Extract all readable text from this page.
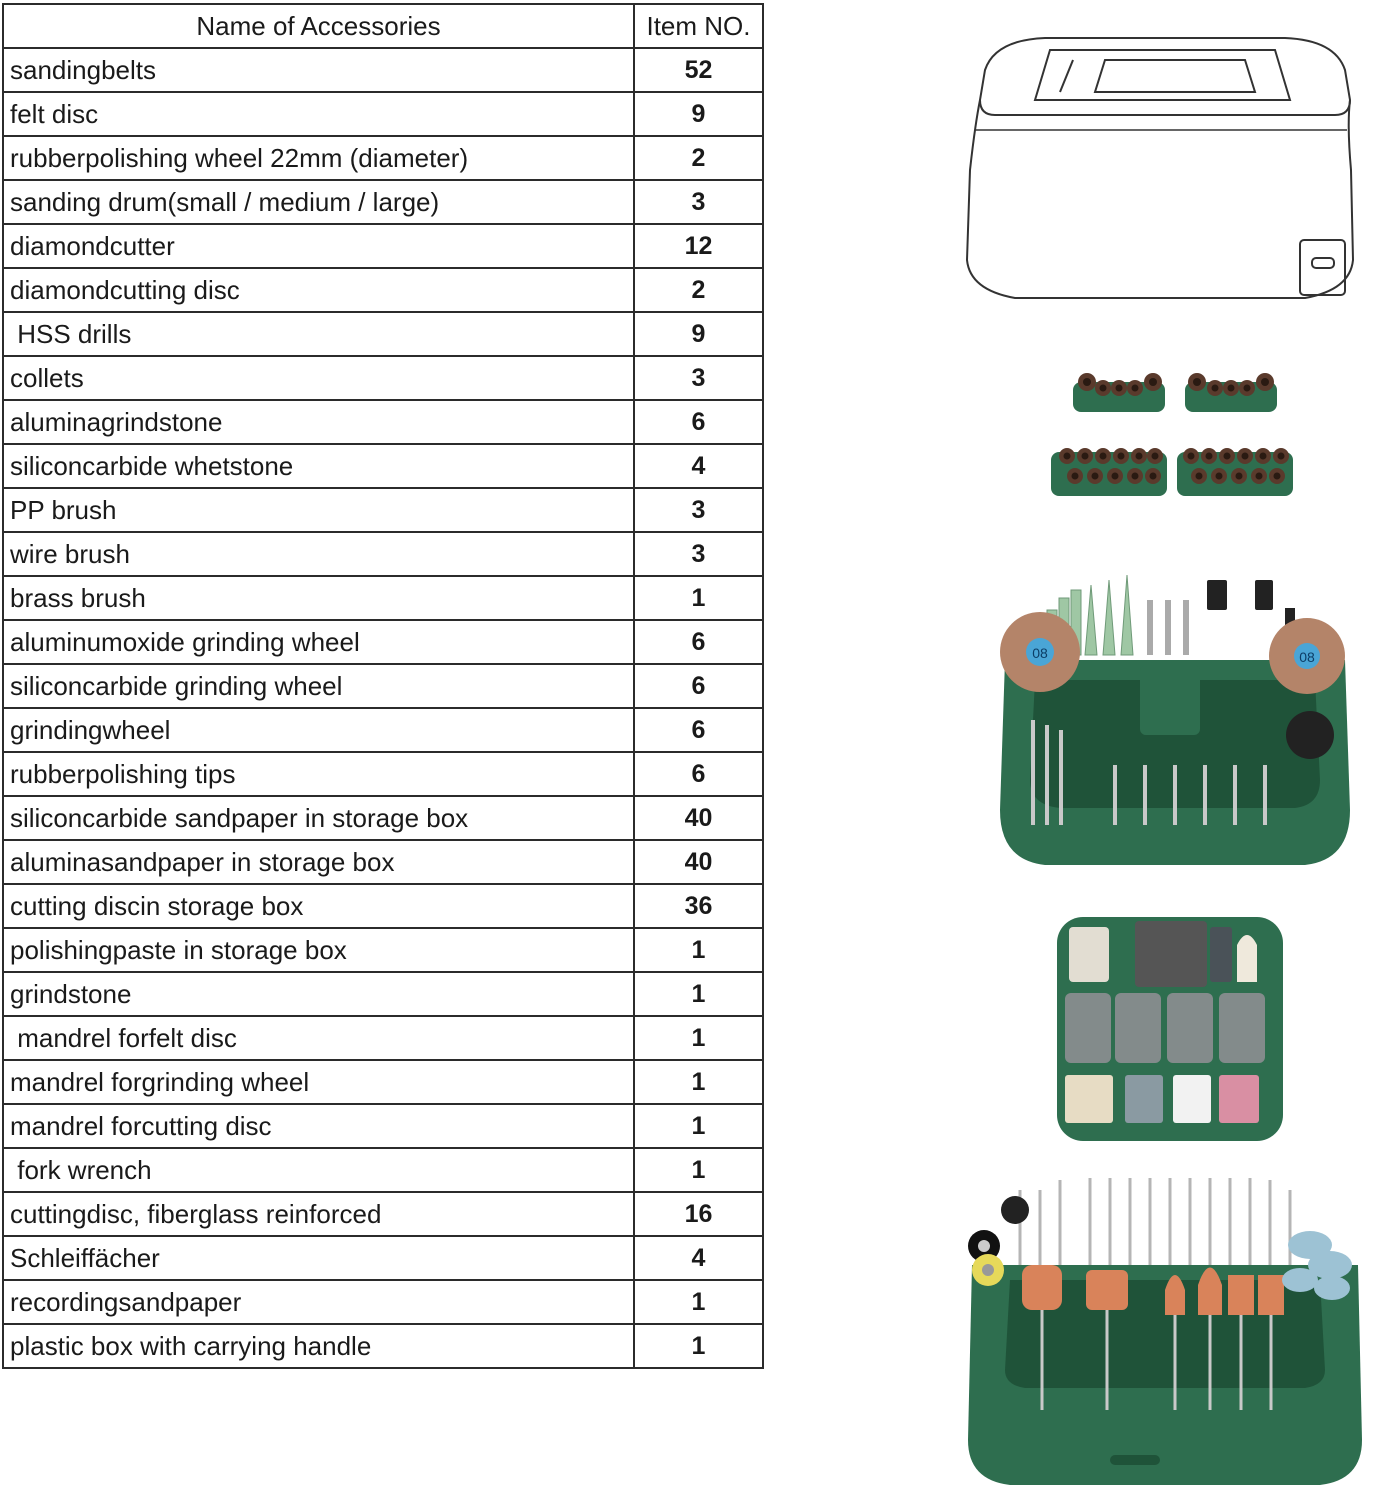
Name of Accessories	Item NO.
sandingbelts	52
felt disc	9
rubberpolishing wheel 22mm (diameter)	2
sanding drum(small / medium / large)	3
diamondcutter	12
diamondcutting disc	2
HSS drills	9
collets	3
aluminagrindstone	6
siliconcarbide whetstone	4
PP brush	3
wire brush	3
brass brush	1
aluminumoxide grinding wheel	6
siliconcarbide grinding wheel	6
grindingwheel	6
rubberpolishing tips	6
siliconcarbide sandpaper in storage box	40
aluminasandpaper in storage box	40
cutting discin storage box	36
polishingpaste in storage box	1
grindstone	1
mandrel forfelt disc	1
mandrel forgrinding wheel	1
mandrel forcutting disc	1
fork wrench	1
cuttingdisc, fiberglass reinforced	16
Schleiffächer	4
recordingsandpaper	1
plastic box with carrying handle	1
08	08
